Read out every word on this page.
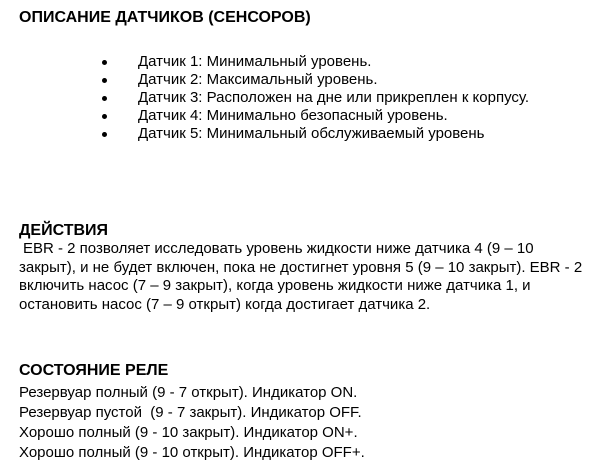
ОПИСАНИЕ ДАТЧИКОВ (СЕНСОРОВ)
Датчик 1: Минимальный уровень.
Датчик 2: Максимальный уровень.
Датчик 3: Расположен на дне или прикреплен к корпусу.
Датчик 4: Минимально безопасный уровень.
Датчик 5: Минимальный обслуживаемый уровень
ДЕЙСТВИЯ

EBR - 2 позволяет исследовать уровень жидкости ниже датчика 4 (9 – 10 закрыт), и не будет включен, пока не достигнет уровня 5 (9 – 10 закрыт). EBR - 2 включить насос (7 – 9 закрыт), когда уровень жидкости ниже датчика 1, и остановить насос (7 – 9 открыт) когда достигает датчика 2.

СОСТОЯНИЕ РЕЛЕ
Резервуар полный (9 - 7 открыт). Индикатор ON.
Резервуар пустой  (9 - 7 закрыт). Индикатор OFF.
Хорошо полный (9 - 10 закрыт). Индикатор ON+.
Хорошо полный (9 - 10 открыт). Индикатор OFF+.
